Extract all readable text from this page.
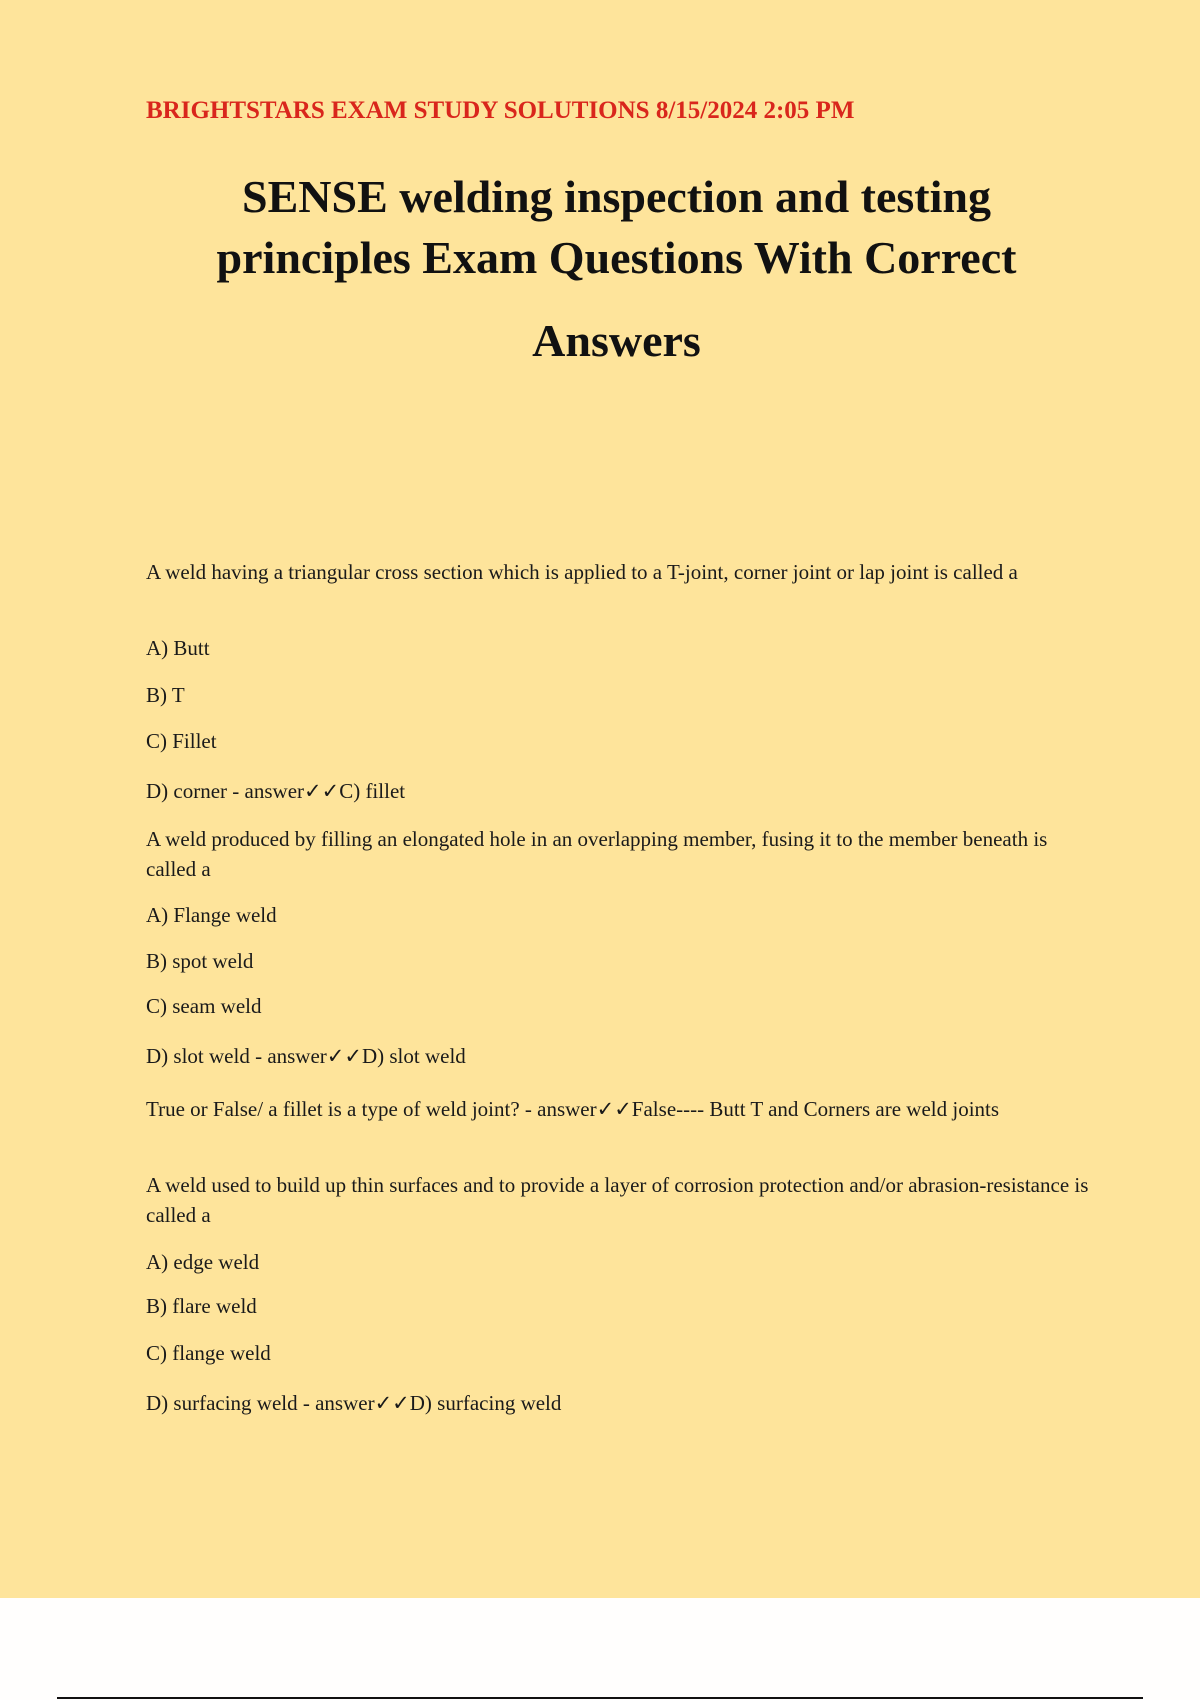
BRIGHTSTARS EXAM STUDY SOLUTIONS 8/15/2024 2:05 PM
SENSE welding inspection and testing
principles Exam Questions With Correct
Answers
A weld having a triangular cross section which is applied to a T-joint, corner joint or lap joint is called a
A) Butt
B) T
C) Fillet
D) corner - answer✓✓C) fillet
A weld produced by filling an elongated hole in an overlapping member, fusing it to the member beneath is called a
A) Flange weld
B) spot weld
C) seam weld
D) slot weld - answer✓✓D) slot weld
True or False/ a fillet is a type of weld joint? - answer✓✓False---- Butt T and Corners are weld joints
A weld used to build up thin surfaces and to provide a layer of corrosion protection and/or abrasion-resistance is called a
A) edge weld
B) flare weld
C) flange weld
D) surfacing weld - answer✓✓D) surfacing weld
